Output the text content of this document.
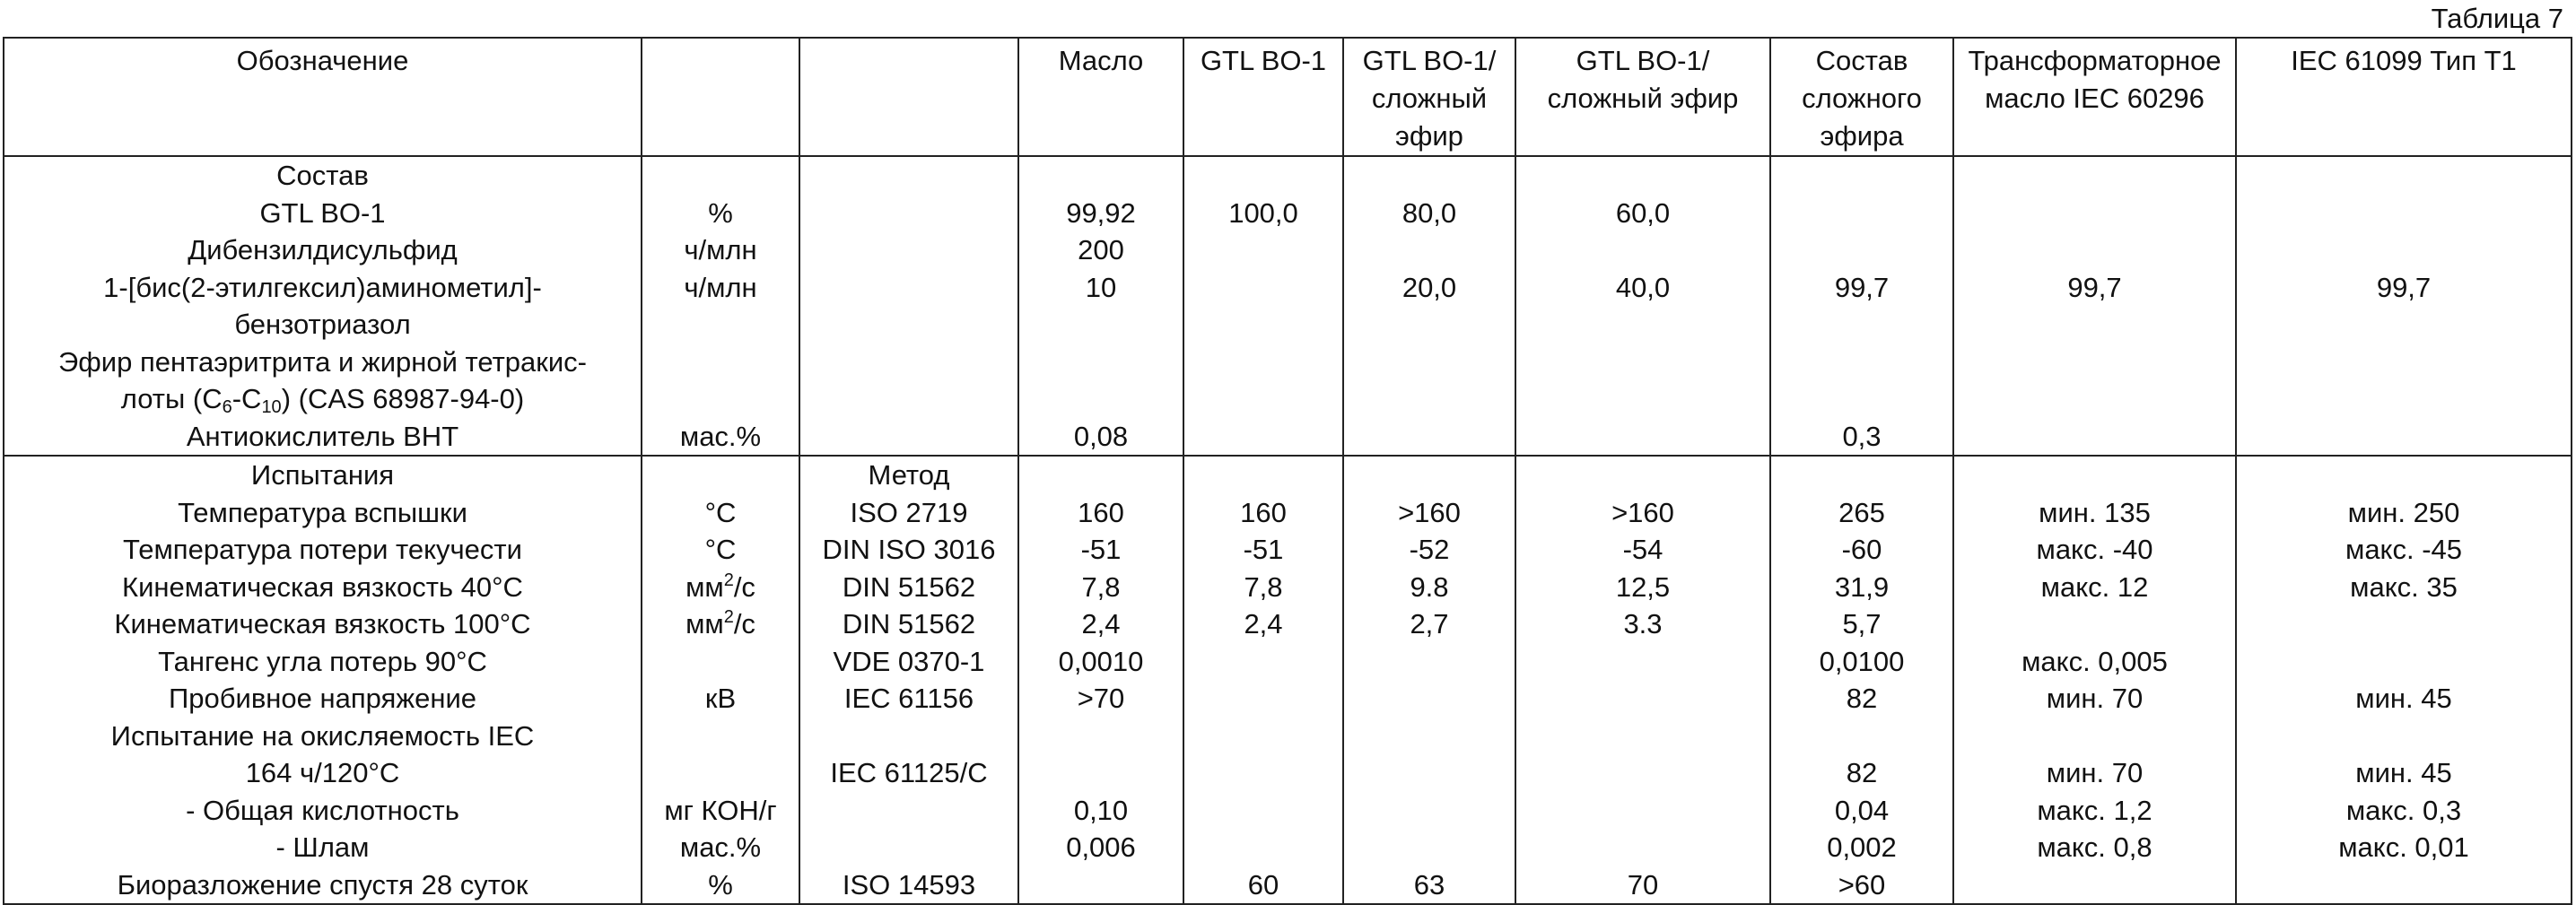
Таблица 7
Обозначение			Масло	GTL BO-1	GTL BO-1/ сложный эфир	GTL BO-1/ сложный эфир	Состав сложного эфира	Трансформаторное масло IEC 60296	IEC 61099 Тип T1
Состав									
GTL BO-1	%		99,92	100,0	80,0	60,0			
Дибензилдисульфид	ч/млн		200						
1-[бис(2-этилгексил)аминометил]-	ч/млн		10		20,0	40,0	99,7	99,7	99,7
бензотриазол									
Эфир пентаэритрита и жирной тетракис-									
лоты $(C_6-C_{10})$ (CAS 68987-94-0)									
Антиокислитель ВНТ	мас.%		0,08				0,3		
Испытания		Метод							
Температура вспышки	°C	ISO 2719	160	160	>160	>160	265	мин. 135	мин. 250
Температура потери текучести	°C	DIN ISO 3016	-51	-51	-52	-54	-60	макс. -40	макс. -45
Кинематическая вязкость 40°C	$мм^2/с$	DIN 51562	7,8	7,8	9.8	12,5	31,9	макс. 12	макс. 35
Кинематическая вязкость 100°C	$мм^2/с$	DIN 51562	2,4	2,4	2,7	3.3	5,7		
Тангенс угла потерь 90°C		VDE 0370-1	0,0010				0,0100	макс. 0,005	
Пробивное напряжение	кВ	IEC 61156	>70				82	мин. 70	мин. 45
Испытание на окисляемость IEC									
164 ч/120°C		IEC 61125/C					82	мин. 70	мин. 45
- Общая кислотность	мг КОН/г		0,10				0,04	макс. 1,2	макс. 0,3
- Шлам	мас.%		0,006				0,002	макс. 0,8	макс. 0,01
Биоразложение спустя 28 суток	%	ISO 14593		60	63	70	>60		
